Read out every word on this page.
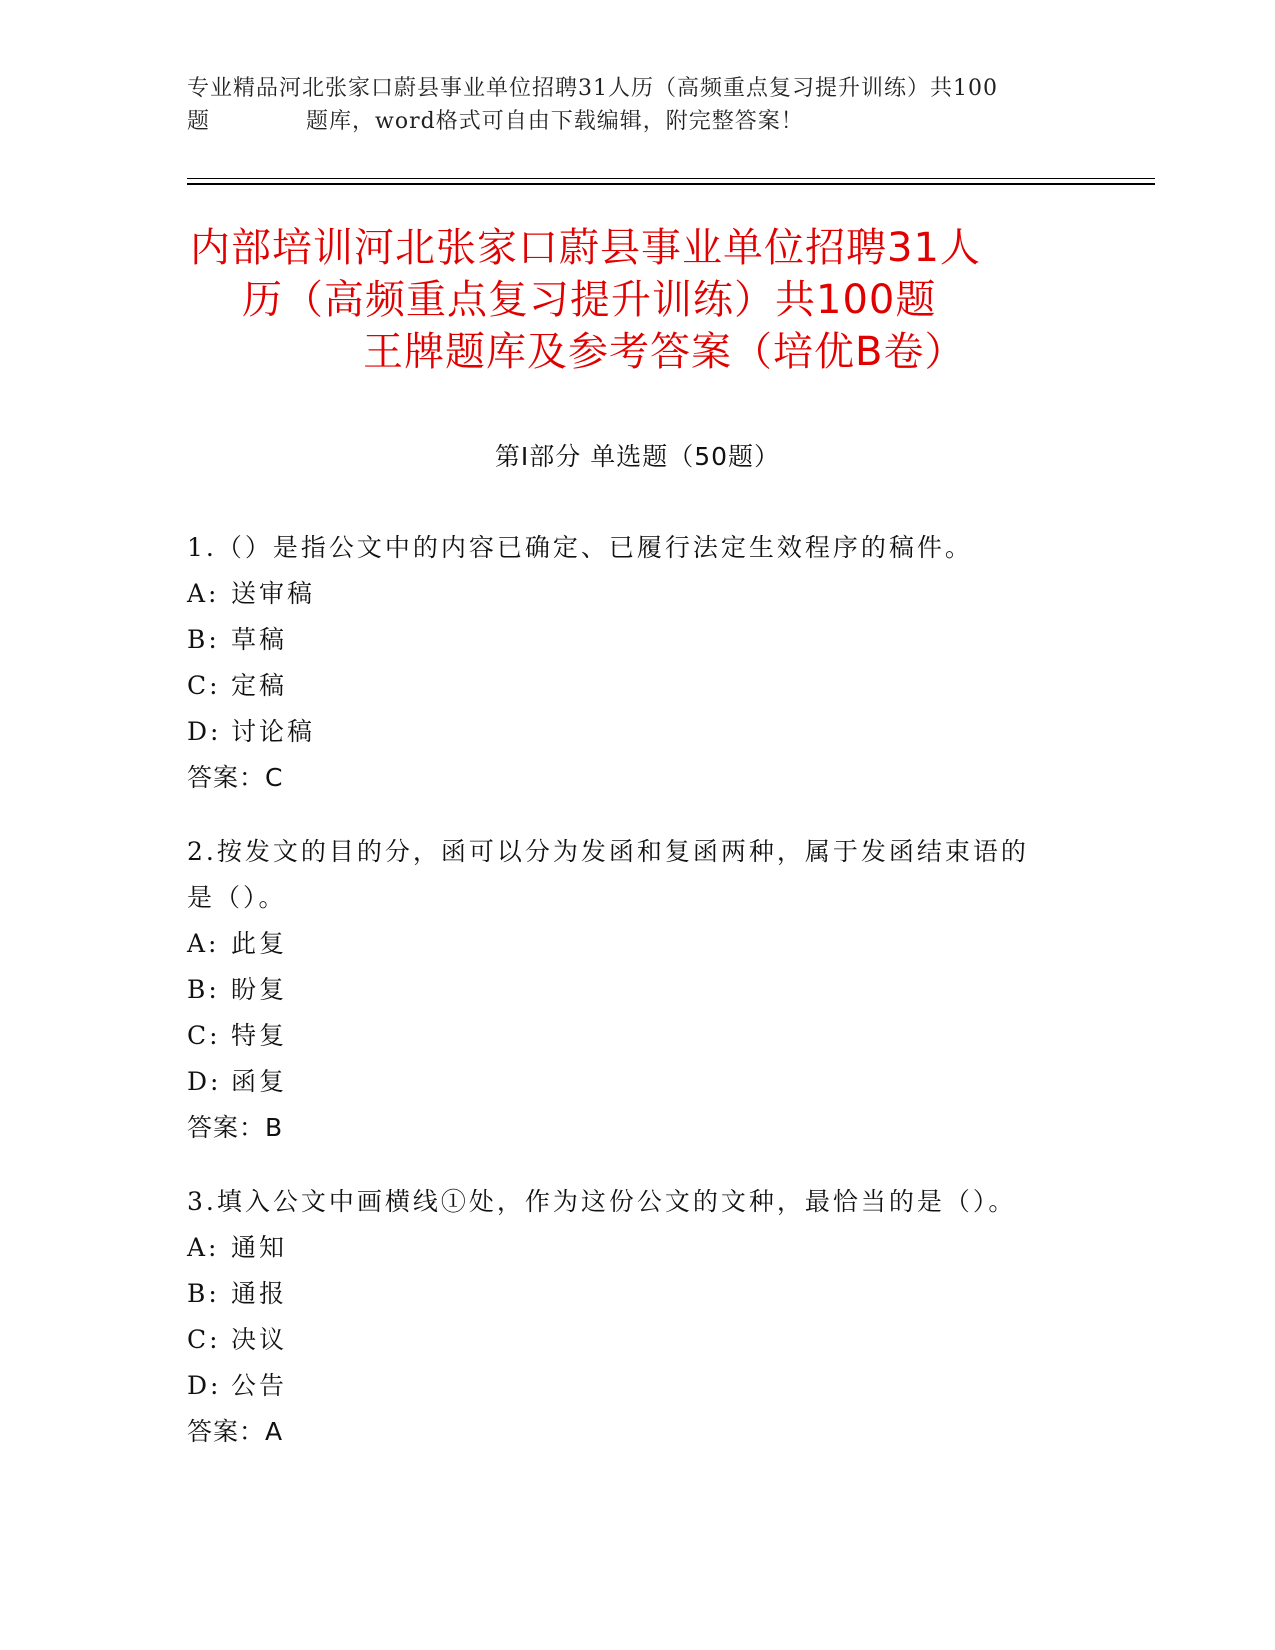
专业精品河北张家口蔚县事业单位招聘31人历（高频重点复习提升训练）共100
题	题库，word格式可自由下载编辑，附完整答案！
内部培训河北张家口蔚县事业单位招聘31人
历（高频重点复习提升训练）共100题
王牌题库及参考答案（培优B卷）
第Ⅰ部分 单选题（50题）
1.（）是指公文中的内容已确定、已履行法定生效程序的稿件。
A: 送审稿
B: 草稿
C: 定稿
D: 讨论稿
答案：C
2.按发文的目的分，函可以分为发函和复函两种，属于发函结束语的
是（）。
A: 此复
B: 盼复
C: 特复
D: 函复
答案：B
3.填入公文中画横线①处，作为这份公文的文种，最恰当的是（）。
A: 通知
B: 通报
C: 决议
D: 公告
答案：A
